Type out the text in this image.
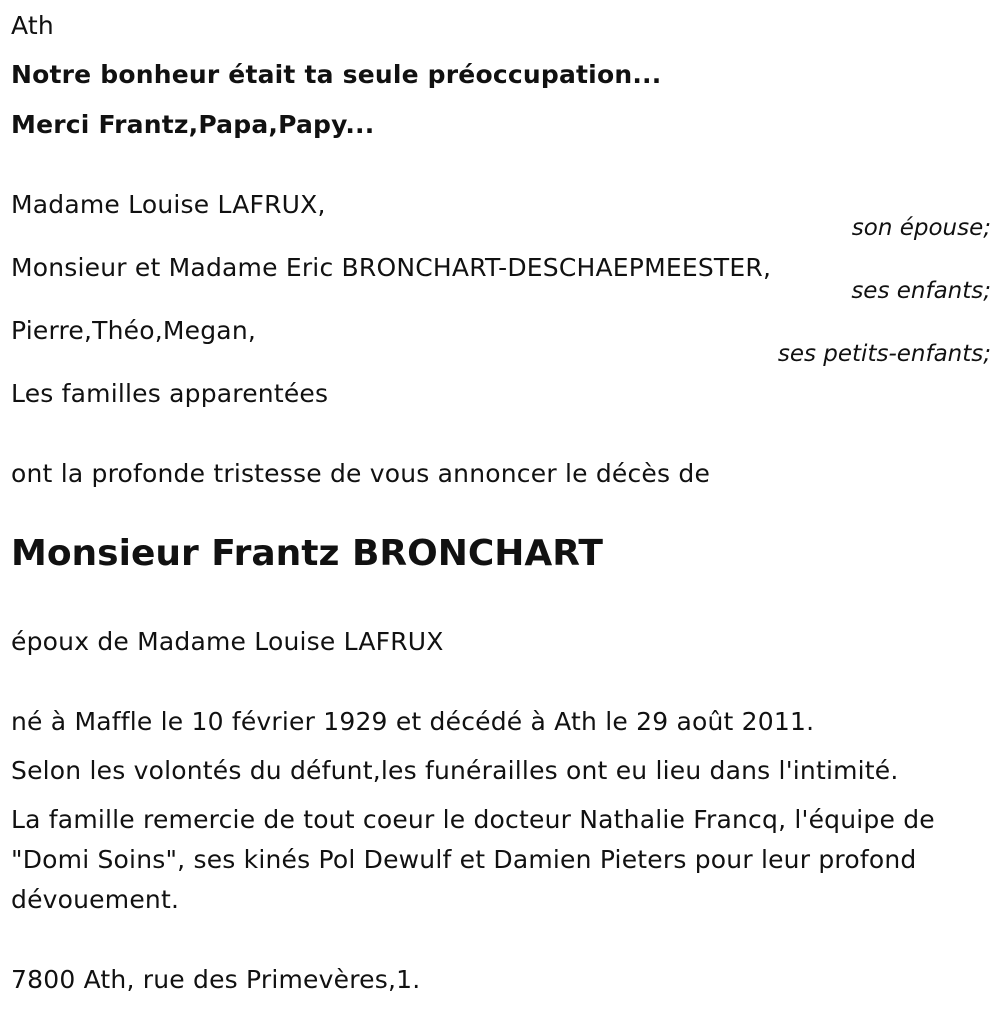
Ath
Notre bonheur était ta seule préoccupation...
Merci Frantz,Papa,Papy...
Madame Louise LAFRUX,
son épouse;
Monsieur et Madame Eric BRONCHART-DESCHAEPMEESTER,
ses enfants;
Pierre,Théo,Megan,
ses petits-enfants;
Les familles apparentées
ont la profonde tristesse de vous annoncer le décès de
Monsieur Frantz BRONCHART
époux de Madame Louise LAFRUX
né à Maffle le 10 février 1929 et décédé à Ath le 29 août 2011.
Selon les volontés du défunt,les funérailles ont eu lieu dans l'intimité.
La famille remercie de tout coeur le docteur Nathalie Francq, l'équipe de "Domi Soins", ses kinés Pol Dewulf et Damien Pieters pour leur profond dévouement.
7800 Ath, rue des Primevères,1.
